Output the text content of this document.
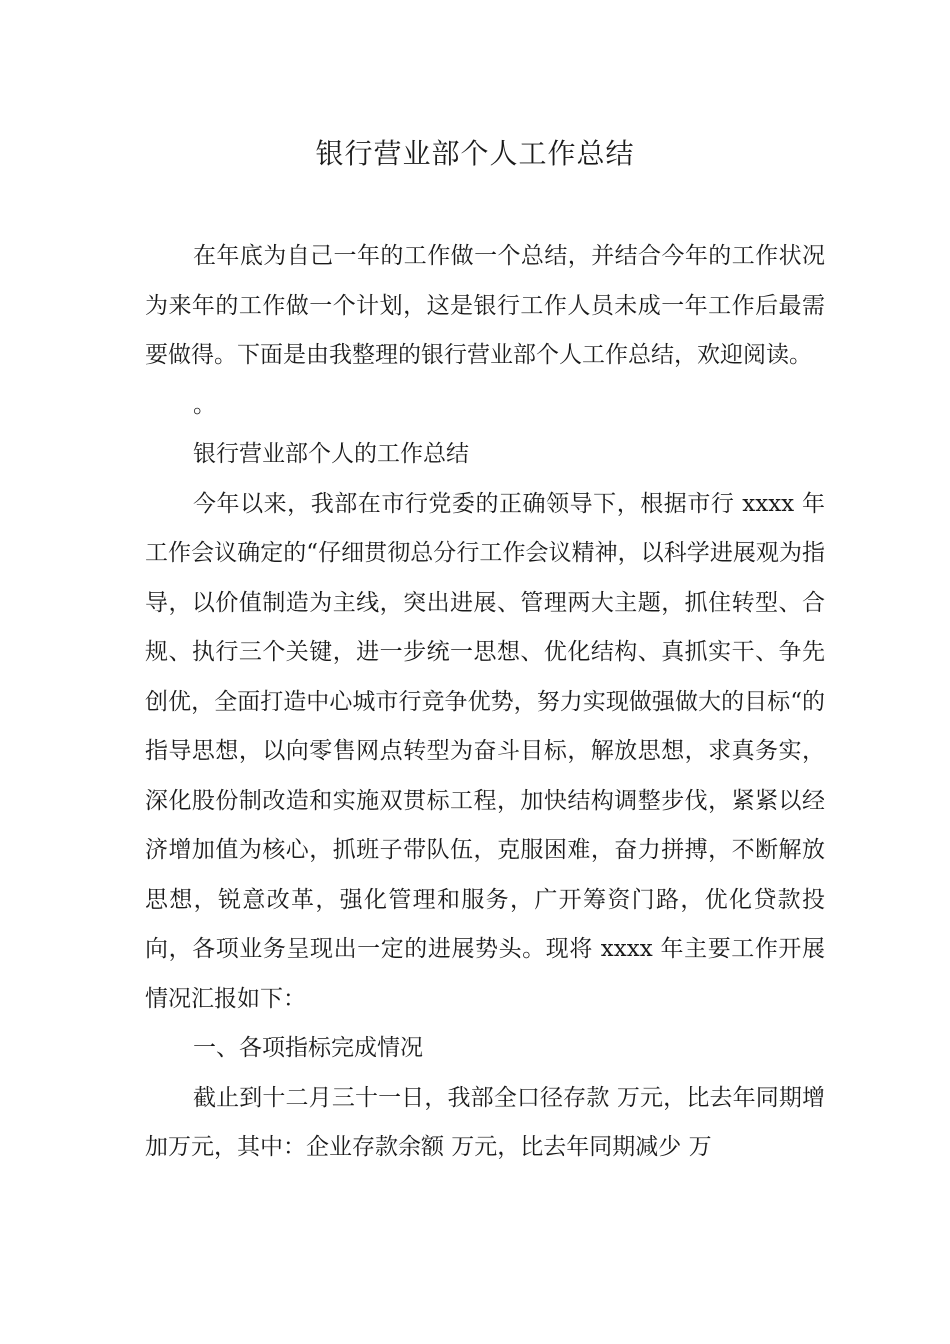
银行营业部个人工作总结

在年底为自己一年的工作做一个总结，并结合今年的工作状况为来年的工作做一个计划，这是银行工作人员未成一年工作后最需要做得。下面是由我整理的银行营业部个人工作总结，欢迎阅读。

。

银行营业部个人的工作总结

今年以来，我部在市行党委的正确领导下，根据市行 xxxx 年工作会议确定的“仔细贯彻总分行工作会议精神，以科学进展观为指导，以价值制造为主线，突出进展、管理两大主题，抓住转型、合规、执行三个关键，进一步统一思想、优化结构、真抓实干、争先创优，全面打造中心城市行竞争优势，努力实现做强做大的目标“的指导思想，以向零售网点转型为奋斗目标，解放思想，求真务实，深化股份制改造和实施双贯标工程，加快结构调整步伐，紧紧以经济增加值为核心，抓班子带队伍，克服困难，奋力拼搏，不断解放思想，锐意改革，强化管理和服务，广开筹资门路，优化贷款投向，各项业务呈现出一定的进展势头。现将 xxxx 年主要工作开展情况汇报如下：

一、各项指标完成情况

截止到十二月三十一日，我部全口径存款 万元，比去年同期增加万元，其中：企业存款余额 万元，比去年同期减少 万
